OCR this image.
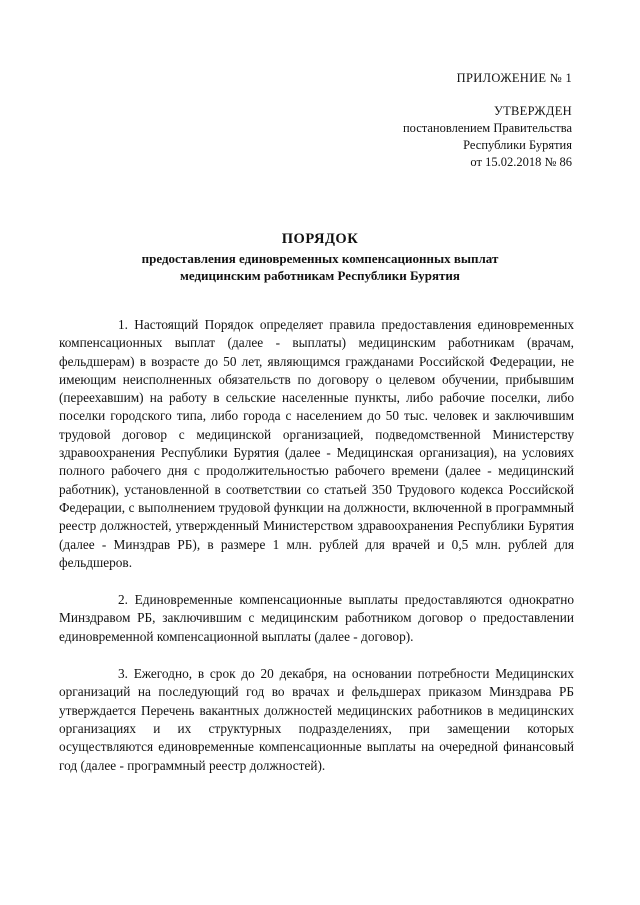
ПРИЛОЖЕНИЕ № 1
УТВЕРЖДЕН
постановлением Правительства
Республики Бурятия
от 15.02.2018 № 86
ПОРЯДОК
предоставления единовременных компенсационных выплат
медицинским работникам Республики Бурятия

1. Настоящий Порядок определяет правила предоставления единовременных компенсационных выплат (далее - выплаты) медицинским работникам (врачам, фельдшерам) в возрасте до 50 лет, являющимся гражданами Российской Федерации, не имеющим неисполненных обязательств по договору о целевом обучении, прибывшим (переехавшим) на работу в сельские населенные пункты, либо рабочие поселки, либо поселки городского типа, либо города с населением до 50 тыс. человек и заключившим трудовой договор с медицинской организацией, подведомственной Министерству здравоохранения Республики Бурятия (далее - Медицинская организация), на условиях полного рабочего дня с продолжительностью рабочего времени (далее - медицинский работник), установленной в соответствии со статьей 350 Трудового кодекса Российской Федерации, с выполнением трудовой функции на должности, включенной в программный реестр должностей, утвержденный Министерством здравоохранения Республики Бурятия (далее - Минздрав РБ), в размере 1 млн. рублей для врачей и 0,5 млн. рублей для фельдшеров.

2. Единовременные компенсационные выплаты предоставляются однократно Минздравом РБ, заключившим с медицинским работником договор о предоставлении единовременной компенсационной выплаты (далее - договор).

3. Ежегодно, в срок до 20 декабря, на основании потребности Медицинских организаций на последующий год во врачах и фельдшерах приказом Минздрава РБ утверждается Перечень вакантных должностей медицинских работников в медицинских организациях и их структурных подразделениях, при замещении которых осуществляются единовременные компенсационные выплаты на очередной финансовый год (далее - программный реестр должностей).
